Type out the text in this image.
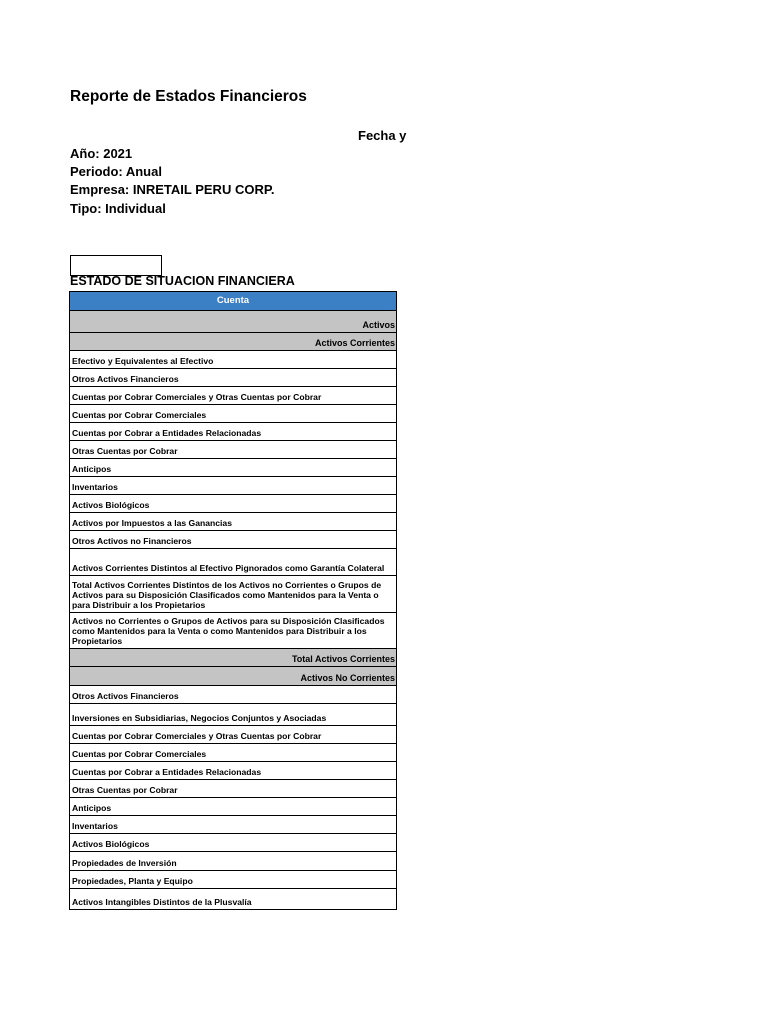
Reporte de Estados Financieros
Fecha y
Año: 2021
Periodo: Anual
Empresa: INRETAIL PERU CORP.
Tipo: Individual
ESTADO DE SITUACION FINANCIERA
Cuenta
Activos
Activos Corrientes
Efectivo y Equivalentes al Efectivo
Otros Activos Financieros
Cuentas por Cobrar Comerciales y Otras Cuentas por Cobrar
Cuentas por Cobrar Comerciales
Cuentas por Cobrar a Entidades Relacionadas
Otras Cuentas por Cobrar
Anticipos
Inventarios
Activos Biológicos
Activos por Impuestos a las Ganancias
Otros Activos no Financieros
Activos Corrientes Distintos al Efectivo Pignorados como Garantía Colateral
Total Activos Corrientes Distintos de los Activos no Corrientes o Grupos de Activos para su Disposición Clasificados como Mantenidos para la Venta o para Distribuir a los Propietarios
Activos no Corrientes o Grupos de Activos para su Disposición Clasificados como Mantenidos para la Venta o como Mantenidos para Distribuir a los Propietarios
Total Activos Corrientes
Activos No Corrientes
Otros Activos Financieros
Inversiones en Subsidiarias, Negocios Conjuntos y Asociadas
Cuentas por Cobrar Comerciales y Otras Cuentas por Cobrar
Cuentas por Cobrar Comerciales
Cuentas por Cobrar a Entidades Relacionadas
Otras Cuentas por Cobrar
Anticipos
Inventarios
Activos Biológicos
Propiedades de Inversión
Propiedades, Planta y Equipo
Activos Intangibles Distintos de la Plusvalía
